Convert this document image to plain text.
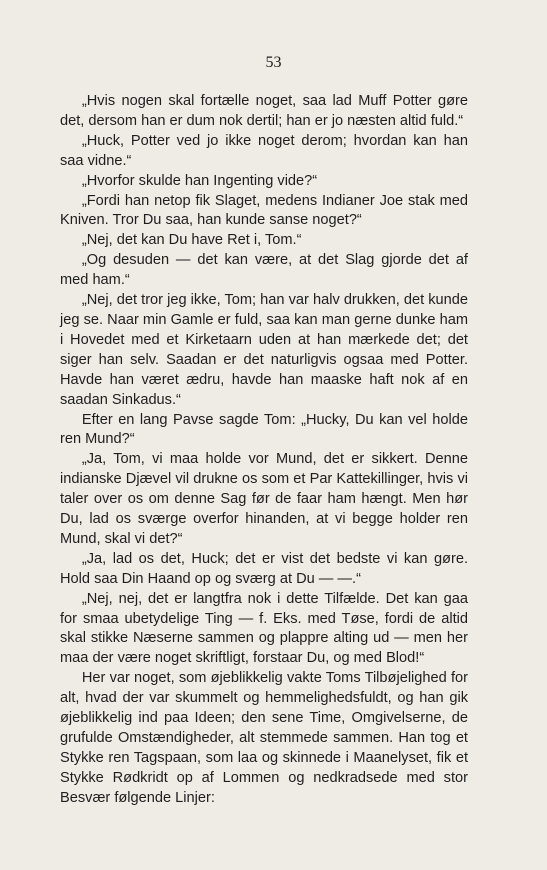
53

„Hvis nogen skal fortælle noget, saa lad Muff Potter gøre det, dersom han er dum nok dertil; han er jo næsten altid fuld.“

„Huck, Potter ved jo ikke noget derom; hvordan kan han saa vidne.“

„Hvorfor skulde han Ingenting vide?“

„Fordi han netop fik Slaget, medens Indianer Joe stak med Kniven. Tror Du saa, han kunde sanse noget?“

„Nej, det kan Du have Ret i, Tom.“

„Og desuden — det kan være, at det Slag gjorde det af med ham.“

„Nej, det tror jeg ikke, Tom; han var halv drukken, det kunde jeg se. Naar min Gamle er fuld, saa kan man gerne dunke ham i Hovedet med et Kirketaarn uden at han mærkede det; det siger han selv. Saadan er det naturligvis ogsaa med Potter. Havde han været ædru, havde han maaske haft nok af en saadan Sinkadus.“

Efter en lang Pavse sagde Tom: „Hucky, Du kan vel holde ren Mund?“

„Ja, Tom, vi maa holde vor Mund, det er sikkert. Denne indianske Djævel vil drukne os som et Par Kattekillinger, hvis vi taler over os om denne Sag før de faar ham hængt. Men hør Du, lad os sværge overfor hinanden, at vi begge holder ren Mund, skal vi det?“

„Ja, lad os det, Huck; det er vist det bedste vi kan gøre. Hold saa Din Haand op og sværg at Du — —.“

„Nej, nej, det er langtfra nok i dette Tilfælde. Det kan gaa for smaa ubetydelige Ting — f. Eks. med Tøse, fordi de altid skal stikke Næserne sammen og plappre alting ud — men her maa der være noget skriftligt, forstaar Du, og med Blod!“

Her var noget, som øjeblikkelig vakte Toms Tilbøjelighed for alt, hvad der var skummelt og hemmelighedsfuldt, og han gik øjeblikkelig ind paa Ideen; den sene Time, Omgivelserne, de grufulde Omstændigheder, alt stemmede sammen. Han tog et Stykke ren Tagspaan, som laa og skinnede i Maanelyset, fik et Stykke Rødkridt op af Lommen og nedkradsede med stor Besvær følgende Linjer:
